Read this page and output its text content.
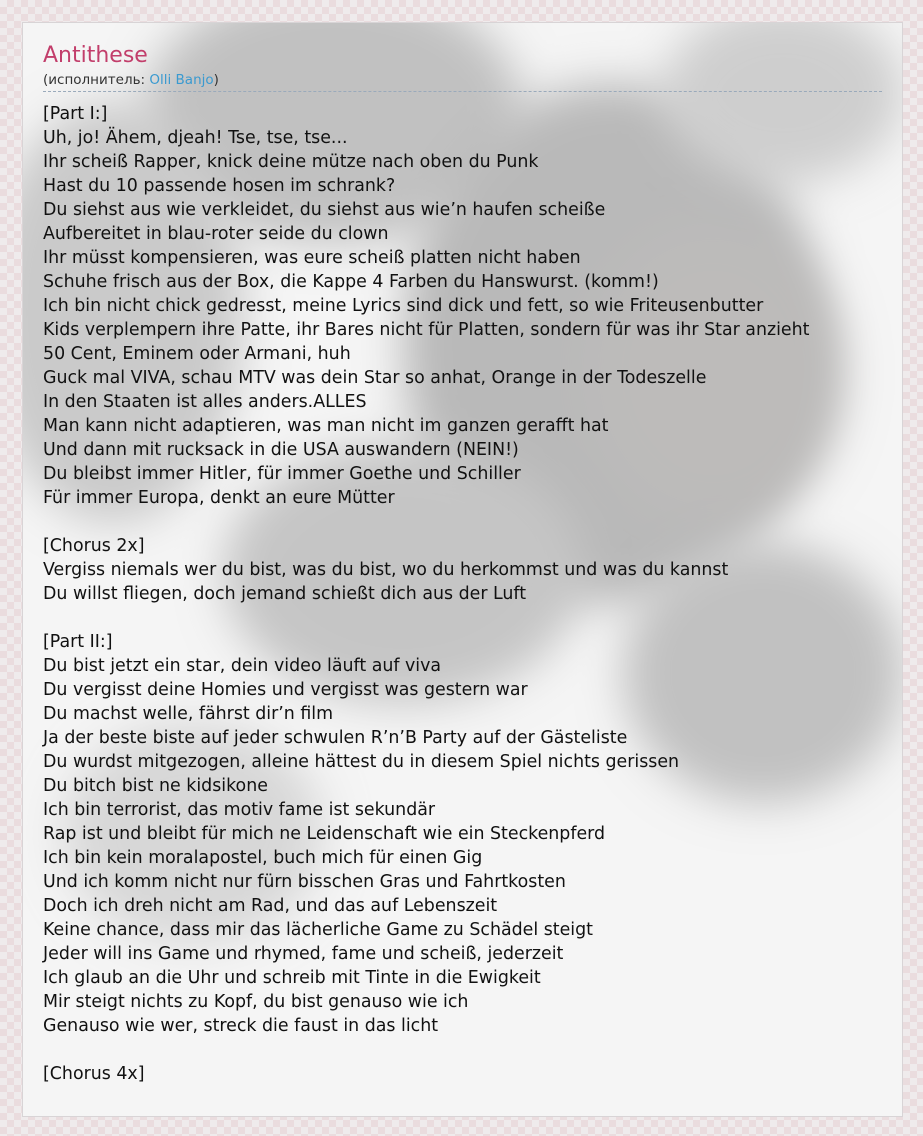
Antithese
(исполнитель: Olli Banjo)
[Part I:]
Uh, jo! Ähem, djeah! Tse, tse, tse...
Ihr scheiß Rapper, knick deine mütze nach oben du Punk
Hast du 10 passende hosen im schrank?
Du siehst aus wie verkleidet, du siehst aus wie’n haufen scheiße
Aufbereitet in blau-roter seide du clown
Ihr müsst kompensieren, was eure scheiß platten nicht haben
Schuhe frisch aus der Box, die Kappe 4 Farben du Hanswurst. (komm!)
Ich bin nicht chick gedresst, meine Lyrics sind dick und fett, so wie Friteusenbutter
Kids verplempern ihre Patte, ihr Bares nicht für Platten, sondern für was ihr Star anzieht
50 Cent, Eminem oder Armani, huh
Guck mal VIVA, schau MTV was dein Star so anhat, Orange in der Todeszelle
In den Staaten ist alles anders.ALLES
Man kann nicht adaptieren, was man nicht im ganzen gerafft hat
Und dann mit rucksack in die USA auswandern (NEIN!)
Du bleibst immer Hitler, für immer Goethe und Schiller
Für immer Europa, denkt an eure Mütter
[Chorus 2x]
Vergiss niemals wer du bist, was du bist, wo du herkommst und was du kannst
Du willst fliegen, doch jemand schießt dich aus der Luft
[Part II:]
Du bist jetzt ein star, dein video läuft auf viva
Du vergisst deine Homies und vergisst was gestern war
Du machst welle, fährst dir’n film
Ja der beste biste auf jeder schwulen R’n’B Party auf der Gästeliste
Du wurdst mitgezogen, alleine hättest du in diesem Spiel nichts gerissen
Du bitch bist ne kidsikone
Ich bin terrorist, das motiv fame ist sekundär
Rap ist und bleibt für mich ne Leidenschaft wie ein Steckenpferd
Ich bin kein moralapostel, buch mich für einen Gig
Und ich komm nicht nur fürn bisschen Gras und Fahrtkosten
Doch ich dreh nicht am Rad, und das auf Lebenszeit
Keine chance, dass mir das lächerliche Game zu Schädel steigt
Jeder will ins Game und rhymed, fame und scheiß, jederzeit
Ich glaub an die Uhr und schreib mit Tinte in die Ewigkeit
Mir steigt nichts zu Kopf, du bist genauso wie ich
Genauso wie wer, streck die faust in das licht
[Chorus 4x]
